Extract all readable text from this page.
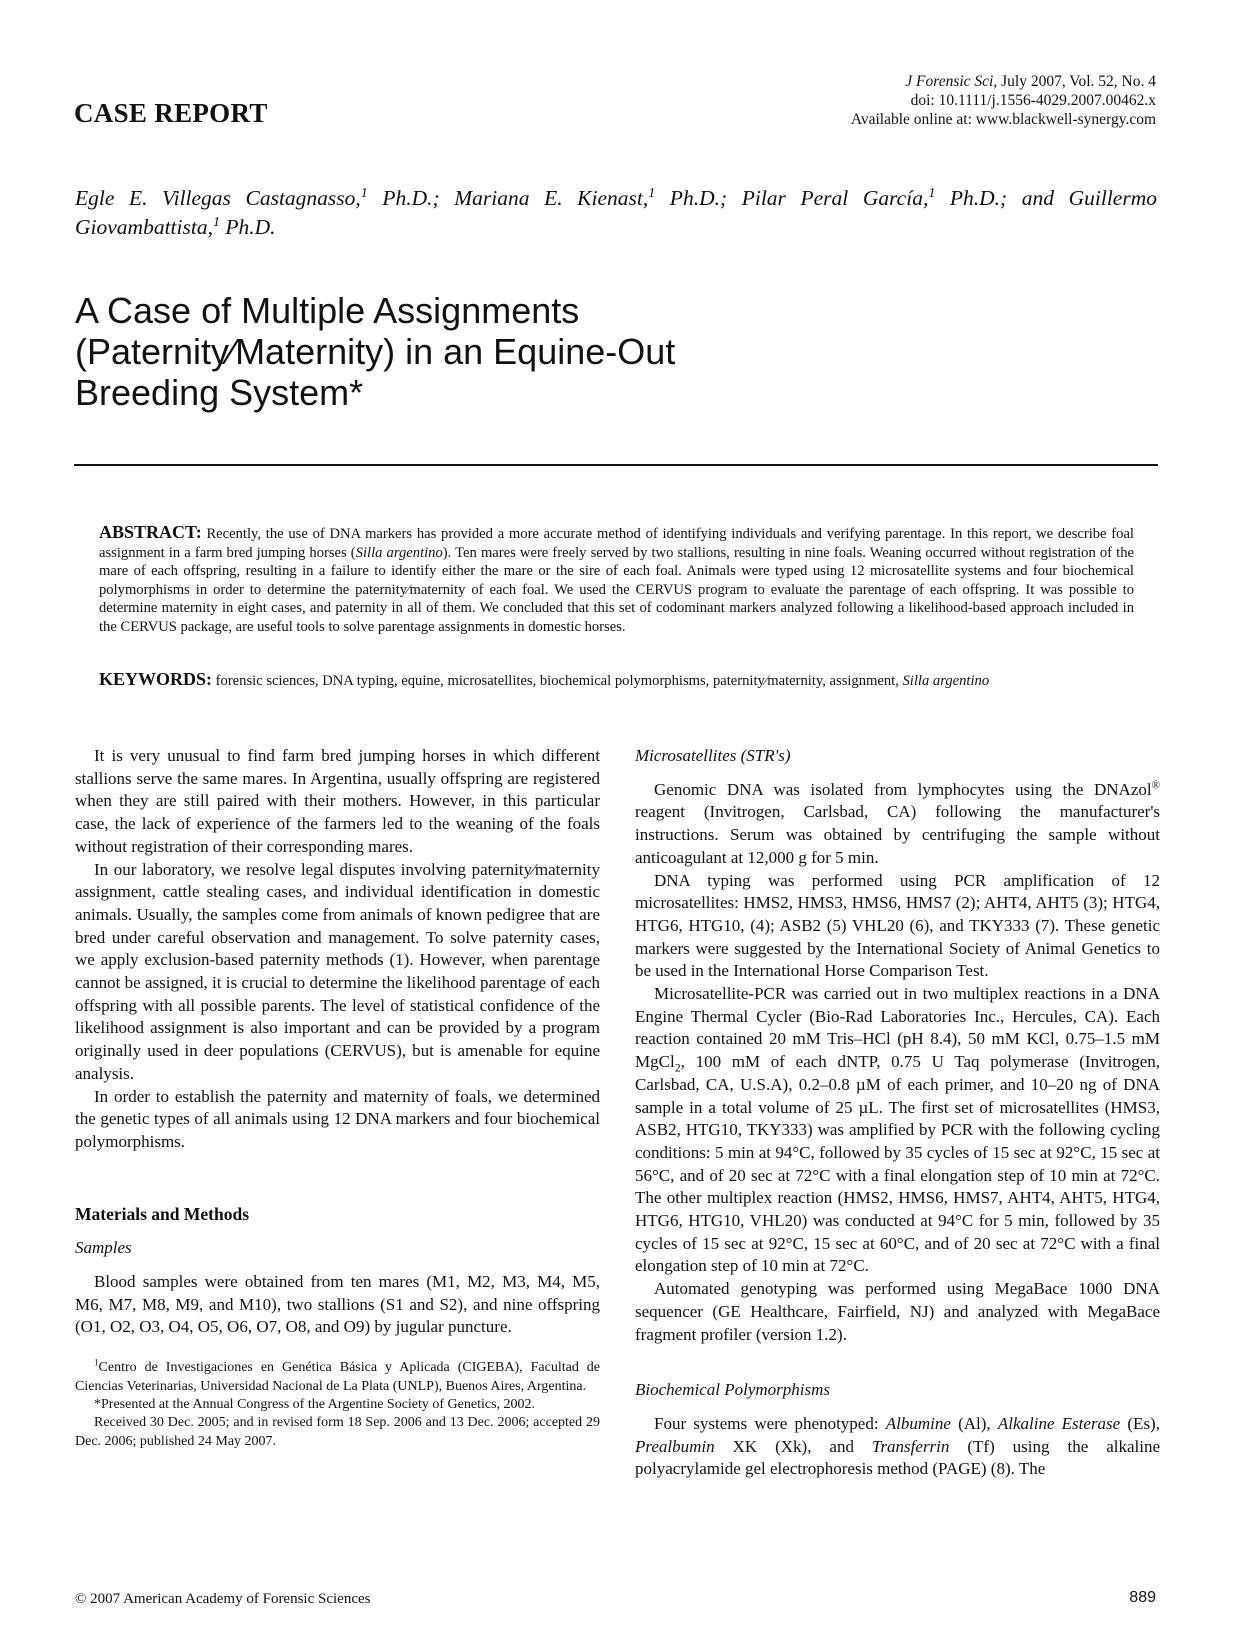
CASE REPORT
J Forensic Sci, July 2007, Vol. 52, No. 4
doi: 10.1111/j.1556-4029.2007.00462.x
Available online at: www.blackwell-synergy.com
Egle E. Villegas Castagnasso,$^1$ Ph.D.; Mariana E. Kienast,$^1$ Ph.D.; Pilar Peral García,$^1$ Ph.D.; and Guillermo Giovambattista,$^1$ Ph.D.
A Case of Multiple Assignments
(Paternity⁄Maternity) in an Equine-Out
Breeding System*
ABSTRACT: Recently, the use of DNA markers has provided a more accurate method of identifying individuals and verifying parentage. In this report, we describe foal assignment in a farm bred jumping horses (Silla argentino). Ten mares were freely served by two stallions, resulting in nine foals. Weaning occurred without registration of the mare of each offspring, resulting in a failure to identify either the mare or the sire of each foal. Animals were typed using 12 microsatellite systems and four biochemical polymorphisms in order to determine the paternity⁄maternity of each foal. We used the CERVUS program to evaluate the parentage of each offspring. It was possible to determine maternity in eight cases, and paternity in all of them. We concluded that this set of codominant markers analyzed following a likelihood-based approach included in the CERVUS package, are useful tools to solve parentage assignments in domestic horses.
KEYWORDS: forensic sciences, DNA typing, equine, microsatellites, biochemical polymorphisms, paternity⁄maternity, assignment, Silla argentino

It is very unusual to find farm bred jumping horses in which different stallions serve the same mares. In Argentina, usually offspring are registered when they are still paired with their mothers. However, in this particular case, the lack of experience of the farmers led to the weaning of the foals without registration of their corresponding mares.

In our laboratory, we resolve legal disputes involving paternity⁄maternity assignment, cattle stealing cases, and individual identification in domestic animals. Usually, the samples come from animals of known pedigree that are bred under careful observation and management. To solve paternity cases, we apply exclusion-based paternity methods (1). However, when parentage cannot be assigned, it is crucial to determine the likelihood parentage of each offspring with all possible parents. The level of statistical confidence of the likelihood assignment is also important and can be provided by a program originally used in deer populations (CERVUS), but is amenable for equine analysis.

In order to establish the paternity and maternity of foals, we determined the genetic types of all animals using 12 DNA markers and four biochemical polymorphisms.

Materials and Methods
Samples

Blood samples were obtained from ten mares (M1, M2, M3, M4, M5, M6, M7, M8, M9, and M10), two stallions (S1 and S2), and nine offspring (O1, O2, O3, O4, O5, O6, O7, O8, and O9) by jugular puncture.

$^1$Centro de Investigaciones en Genética Básica y Aplicada (CIGEBA), Facultad de Ciencias Veterinarias, Universidad Nacional de La Plata (UNLP), Buenos Aires, Argentina.

*Presented at the Annual Congress of the Argentine Society of Genetics, 2002.

Received 30 Dec. 2005; and in revised form 18 Sep. 2006 and 13 Dec. 2006; accepted 29 Dec. 2006; published 24 May 2007.

Microsatellites (STR's)

Genomic DNA was isolated from lymphocytes using the DNAzol® reagent (Invitrogen, Carlsbad, CA) following the manufacturer's instructions. Serum was obtained by centrifuging the sample without anticoagulant at 12,000 g for 5 min.

DNA typing was performed using PCR amplification of 12 microsatellites: HMS2, HMS3, HMS6, HMS7 (2); AHT4, AHT5 (3); HTG4, HTG6, HTG10, (4); ASB2 (5) VHL20 (6), and TKY333 (7). These genetic markers were suggested by the International Society of Animal Genetics to be used in the International Horse Comparison Test.

Microsatellite-PCR was carried out in two multiplex reactions in a DNA Engine Thermal Cycler (Bio-Rad Laboratories Inc., Hercules, CA). Each reaction contained 20 mM Tris–HCl (pH 8.4), 50 mM KCl, 0.75–1.5 mM MgCl$_2$, 100 mM of each dNTP, 0.75 U Taq polymerase (Invitrogen, Carlsbad, CA, U.S.A), 0.2–0.8 µM of each primer, and 10–20 ng of DNA sample in a total volume of 25 µL. The first set of microsatellites (HMS3, ASB2, HTG10, TKY333) was amplified by PCR with the following cycling conditions: 5 min at 94°C, followed by 35 cycles of 15 sec at 92°C, 15 sec at 56°C, and of 20 sec at 72°C with a final elongation step of 10 min at 72°C. The other multiplex reaction (HMS2, HMS6, HMS7, AHT4, AHT5, HTG4, HTG6, HTG10, VHL20) was conducted at 94°C for 5 min, followed by 35 cycles of 15 sec at 92°C, 15 sec at 60°C, and of 20 sec at 72°C with a final elongation step of 10 min at 72°C.

Automated genotyping was performed using MegaBace 1000 DNA sequencer (GE Healthcare, Fairfield, NJ) and analyzed with MegaBace fragment profiler (version 1.2).

Biochemical Polymorphisms

Four systems were phenotyped: Albumine (Al), Alkaline Esterase (Es), Prealbumin XK (Xk), and Transferrin (Tf) using the alkaline polyacrylamide gel electrophoresis method (PAGE) (8). The

© 2007 American Academy of Forensic Sciences	889
